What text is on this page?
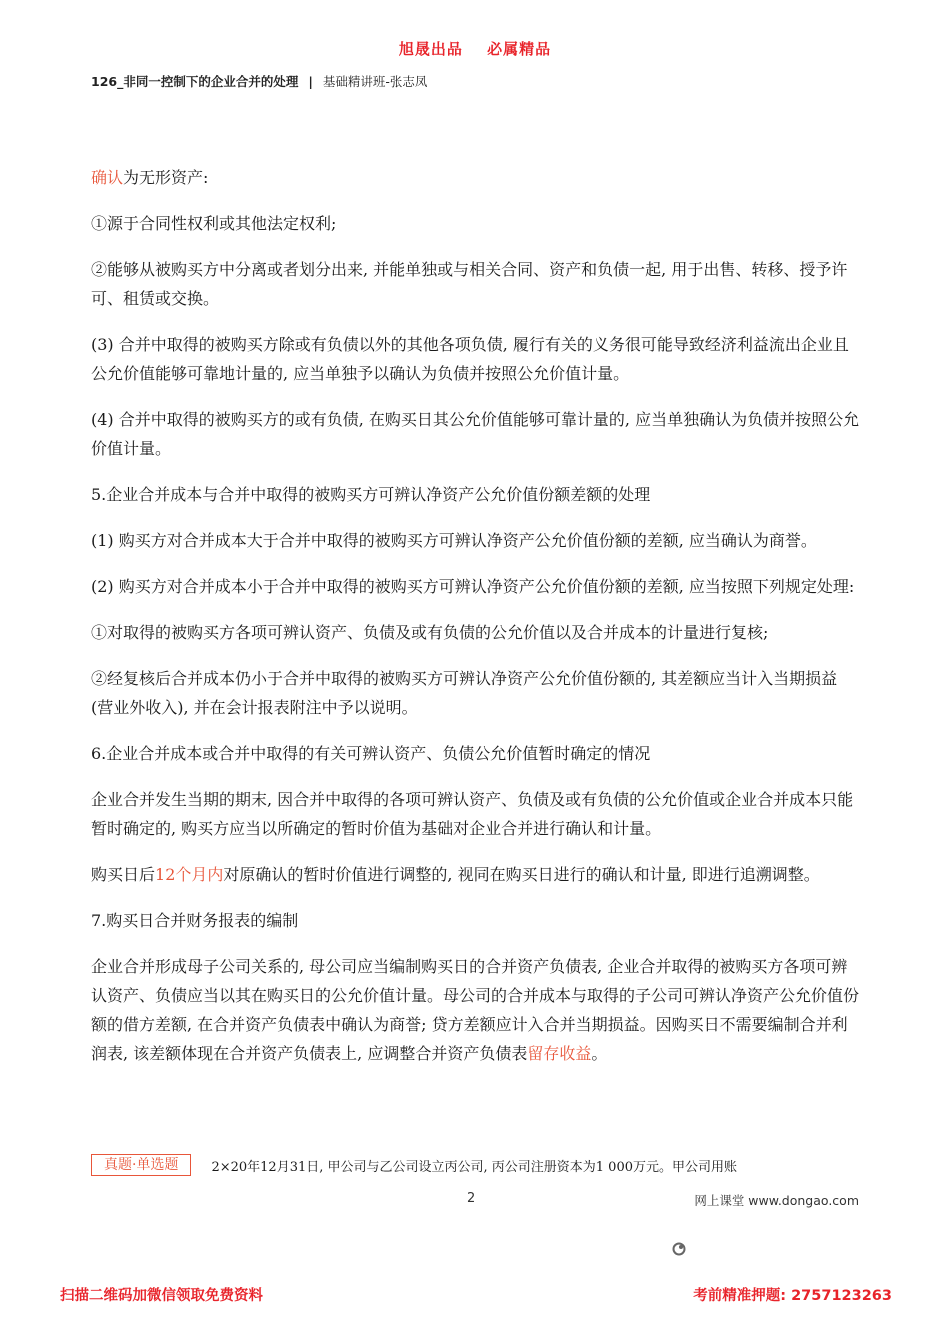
旭晟出品 必属精品
126_非同一控制下的企业合并的处理 | 基础精讲班-张志凤

确认为无形资产:

①源于合同性权利或其他法定权利;

②能够从被购买方中分离或者划分出来, 并能单独或与相关合同、资产和负债一起, 用于出售、转移、授予许可、租赁或交换。

(3) 合并中取得的被购买方除或有负债以外的其他各项负债, 履行有关的义务很可能导致经济利益流出企业且公允价值能够可靠地计量的, 应当单独予以确认为负债并按照公允价值计量。

(4) 合并中取得的被购买方的或有负债, 在购买日其公允价值能够可靠计量的, 应当单独确认为负债并按照公允价值计量。

5.企业合并成本与合并中取得的被购买方可辨认净资产公允价值份额差额的处理

(1) 购买方对合并成本大于合并中取得的被购买方可辨认净资产公允价值份额的差额, 应当确认为商誉。

(2) 购买方对合并成本小于合并中取得的被购买方可辨认净资产公允价值份额的差额, 应当按照下列规定处理:

①对取得的被购买方各项可辨认资产、负债及或有负债的公允价值以及合并成本的计量进行复核;

②经复核后合并成本仍小于合并中取得的被购买方可辨认净资产公允价值份额的, 其差额应当计入当期损益 (营业外收入), 并在会计报表附注中予以说明。

6.企业合并成本或合并中取得的有关可辨认资产、负债公允价值暂时确定的情况

企业合并发生当期的期末, 因合并中取得的各项可辨认资产、负债及或有负债的公允价值或企业合并成本只能暂时确定的, 购买方应当以所确定的暂时价值为基础对企业合并进行确认和计量。

购买日后12个月内对原确认的暂时价值进行调整的, 视同在购买日进行的确认和计量, 即进行追溯调整。

7.购买日合并财务报表的编制

企业合并形成母子公司关系的, 母公司应当编制购买日的合并资产负债表, 企业合并取得的被购买方各项可辨认资产、负债应当以其在购买日的公允价值计量。母公司的合并成本与取得的子公司可辨认净资产公允价值份额的借方差额, 在合并资产负债表中确认为商誉; 贷方差额应计入合并当期损益。因购买日不需要编制合并利润表, 该差额体现在合并资产负债表上, 应调整合并资产负债表留存收益。

真题·单选题	2×20年12月31日, 甲公司与乙公司设立丙公司, 丙公司注册资本为1 000万元。甲公司用账
2	网上课堂 www.dongao.com
扫描二维码加微信领取免费资料	考前精准押题: 2757123263
